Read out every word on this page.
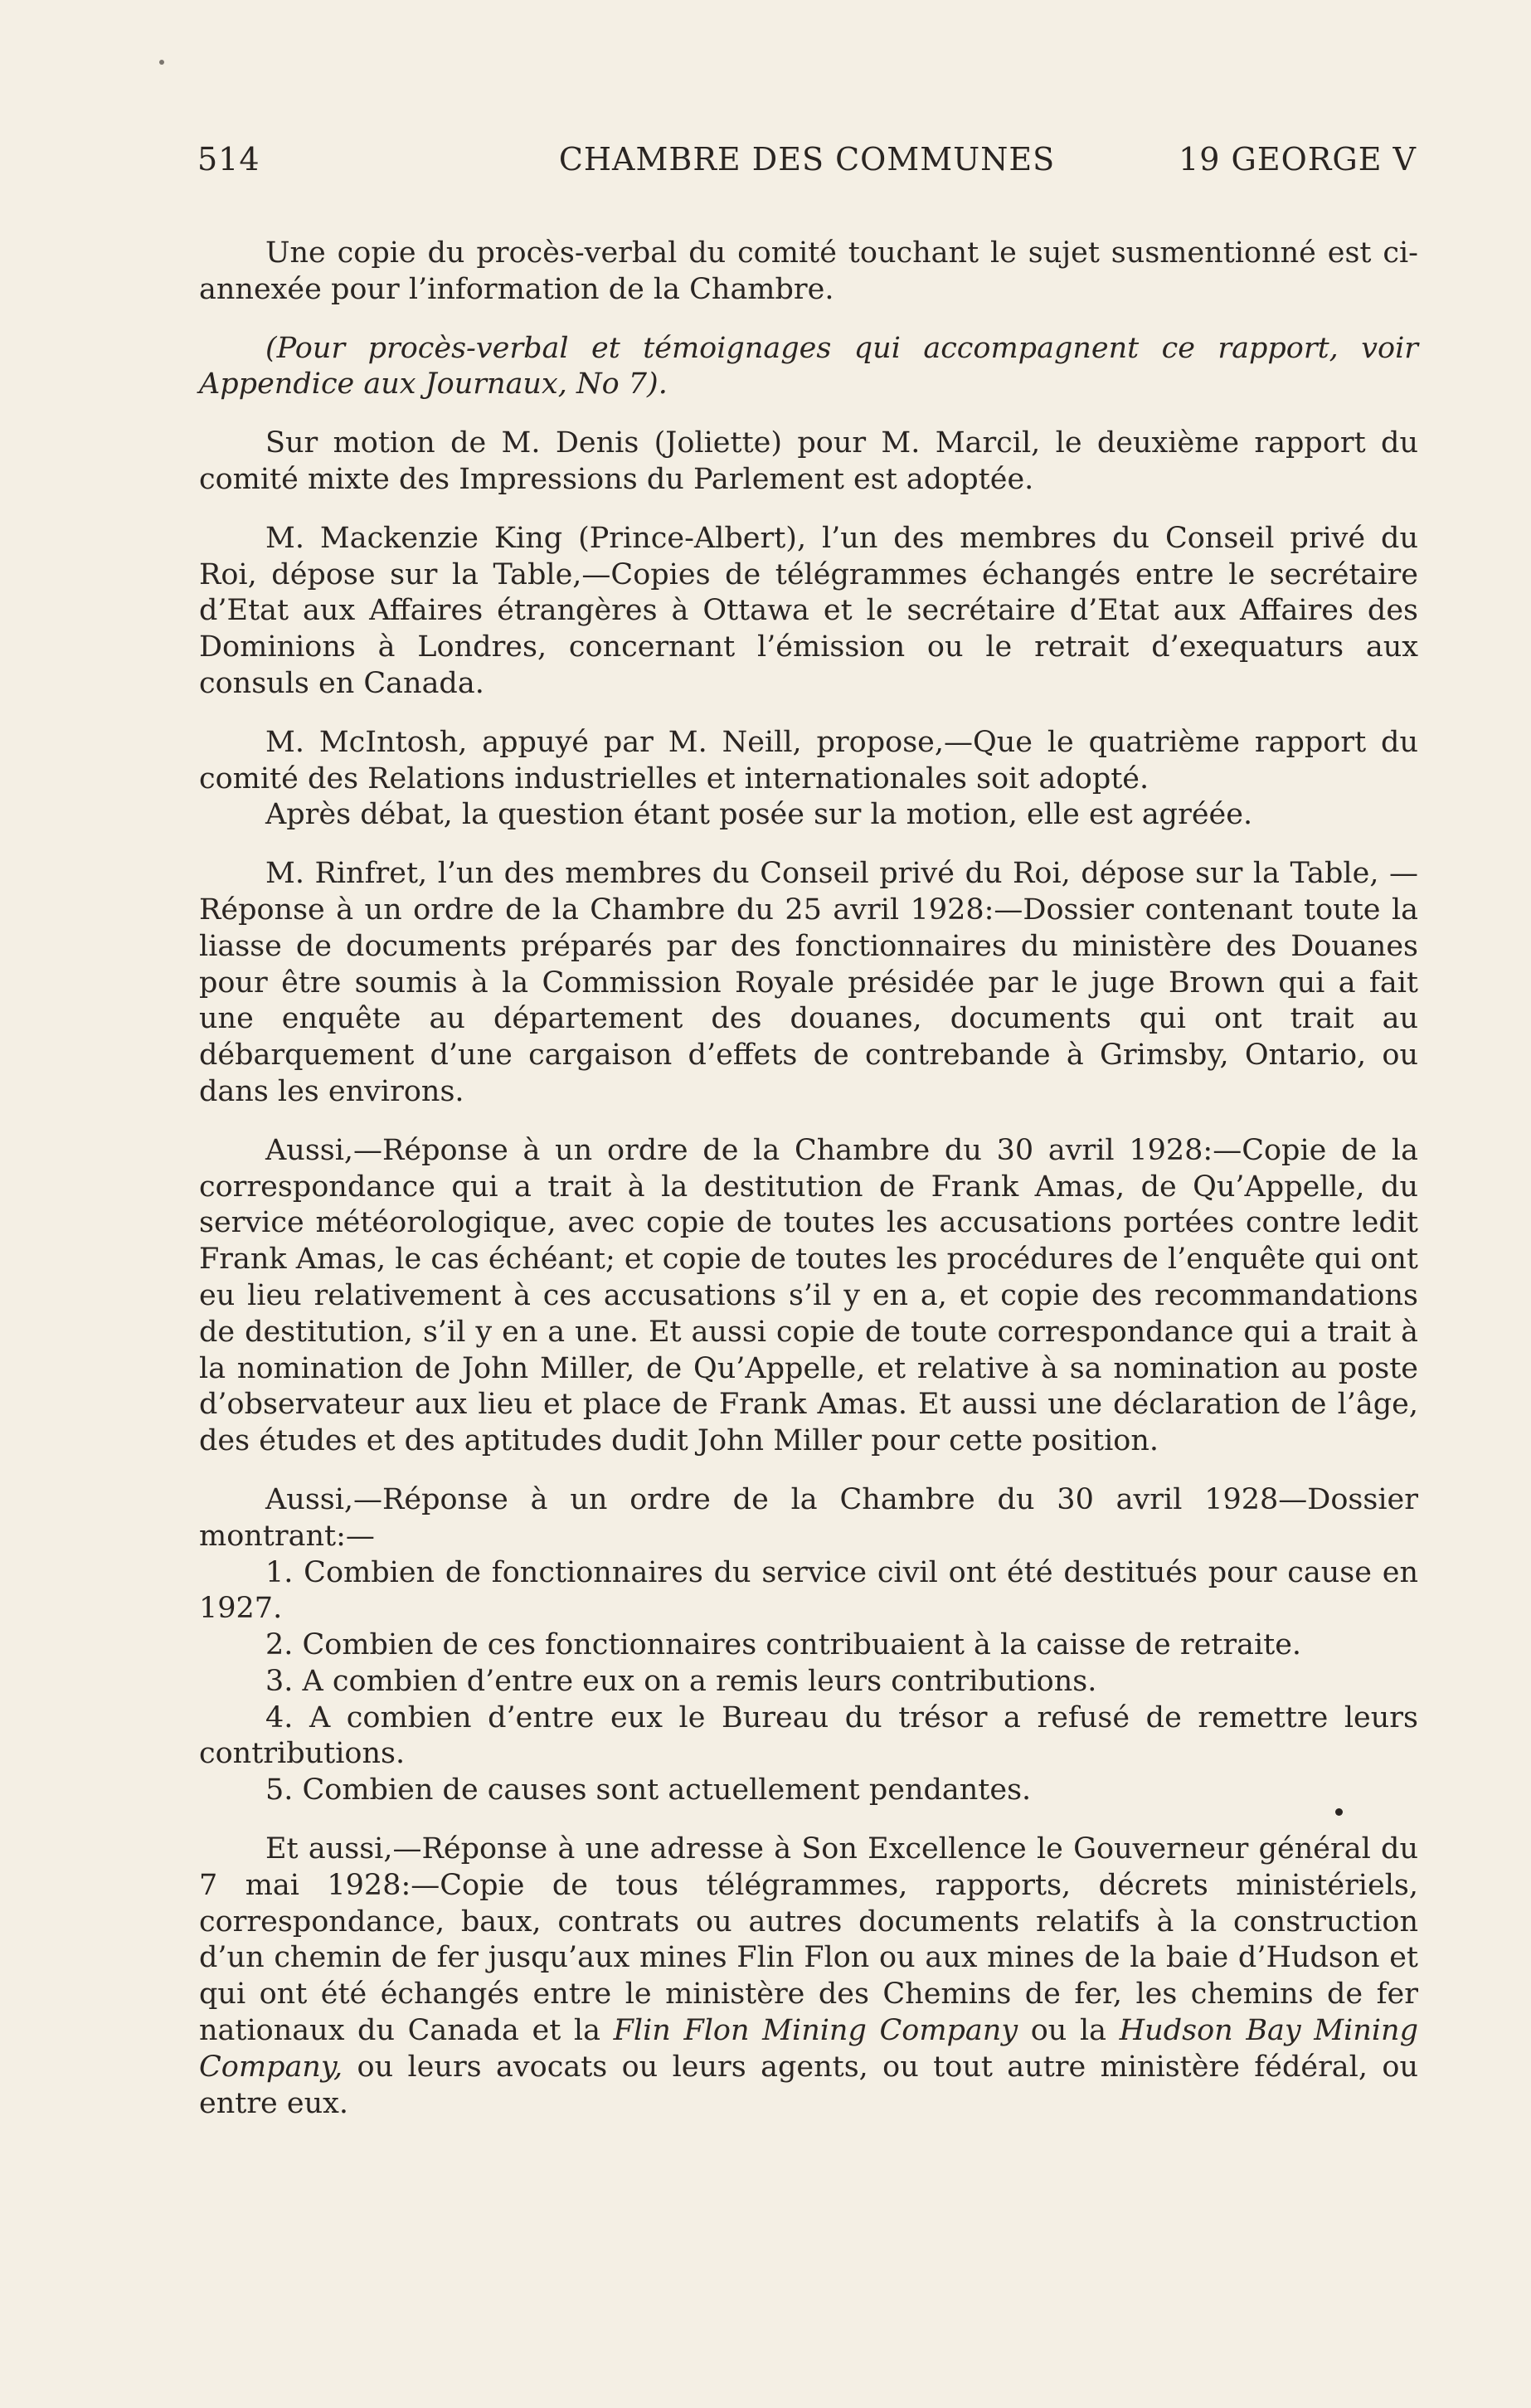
514	CHAMBRE DES COMMUNES	19 GEORGE V

Une copie du procès-verbal du comité touchant le sujet susmentionné est ci-annexée pour l’information de la Chambre.

(Pour procès-verbal et témoignages qui accompagnent ce rapport, voir Appendice aux Journaux, No 7).

Sur motion de M. Denis (Joliette) pour M. Marcil, le deuxième rapport du comité mixte des Impressions du Parlement est adoptée.

M. Mackenzie King (Prince-Albert), l’un des membres du Conseil privé du Roi, dépose sur la Table,—Copies de télégrammes échangés entre le secrétaire d’Etat aux Affaires étrangères à Ottawa et le secrétaire d’Etat aux Affaires des Dominions à Londres, concernant l’émission ou le retrait d’exequaturs aux consuls en Canada.

M. McIntosh, appuyé par M. Neill, propose,—Que le quatrième rapport du comité des Relations industrielles et internationales soit adopté.

Après débat, la question étant posée sur la motion, elle est agréée.

M. Rinfret, l’un des membres du Conseil privé du Roi, dépose sur la Table, —Réponse à un ordre de la Chambre du 25 avril 1928:—Dossier contenant toute la liasse de documents préparés par des fonctionnaires du ministère des Douanes pour être soumis à la Commission Royale présidée par le juge Brown qui a fait une enquête au département des douanes, documents qui ont trait au débarquement d’une cargaison d’effets de contrebande à Grimsby, Ontario, ou dans les environs.

Aussi,—Réponse à un ordre de la Chambre du 30 avril 1928:—Copie de la correspondance qui a trait à la destitution de Frank Amas, de Qu’Appelle, du service météorologique, avec copie de toutes les accusations portées contre ledit Frank Amas, le cas échéant; et copie de toutes les procédures de l’enquête qui ont eu lieu relativement à ces accusations s’il y en a, et copie des recommandations de destitution, s’il y en a une. Et aussi copie de toute correspondance qui a trait à la nomination de John Miller, de Qu’Appelle, et relative à sa nomination au poste d’observateur aux lieu et place de Frank Amas. Et aussi une déclaration de l’âge, des études et des aptitudes dudit John Miller pour cette position.

Aussi,—Réponse à un ordre de la Chambre du 30 avril 1928—Dossier montrant:—

1. Combien de fonctionnaires du service civil ont été destitués pour cause en 1927.

2. Combien de ces fonctionnaires contribuaient à la caisse de retraite.

3. A combien d’entre eux on a remis leurs contributions.

4. A combien d’entre eux le Bureau du trésor a refusé de remettre leurs contributions.

5. Combien de causes sont actuellement pendantes.

Et aussi,—Réponse à une adresse à Son Excellence le Gouverneur général du 7 mai 1928:—Copie de tous télégrammes, rapports, décrets ministériels, correspondance, baux, contrats ou autres documents relatifs à la construction d’un chemin de fer jusqu’aux mines Flin Flon ou aux mines de la baie d’Hudson et qui ont été échangés entre le ministère des Chemins de fer, les chemins de fer nationaux du Canada et la Flin Flon Mining Company ou la Hudson Bay Mining Company, ou leurs avocats ou leurs agents, ou tout autre ministère fédéral, ou entre eux.
